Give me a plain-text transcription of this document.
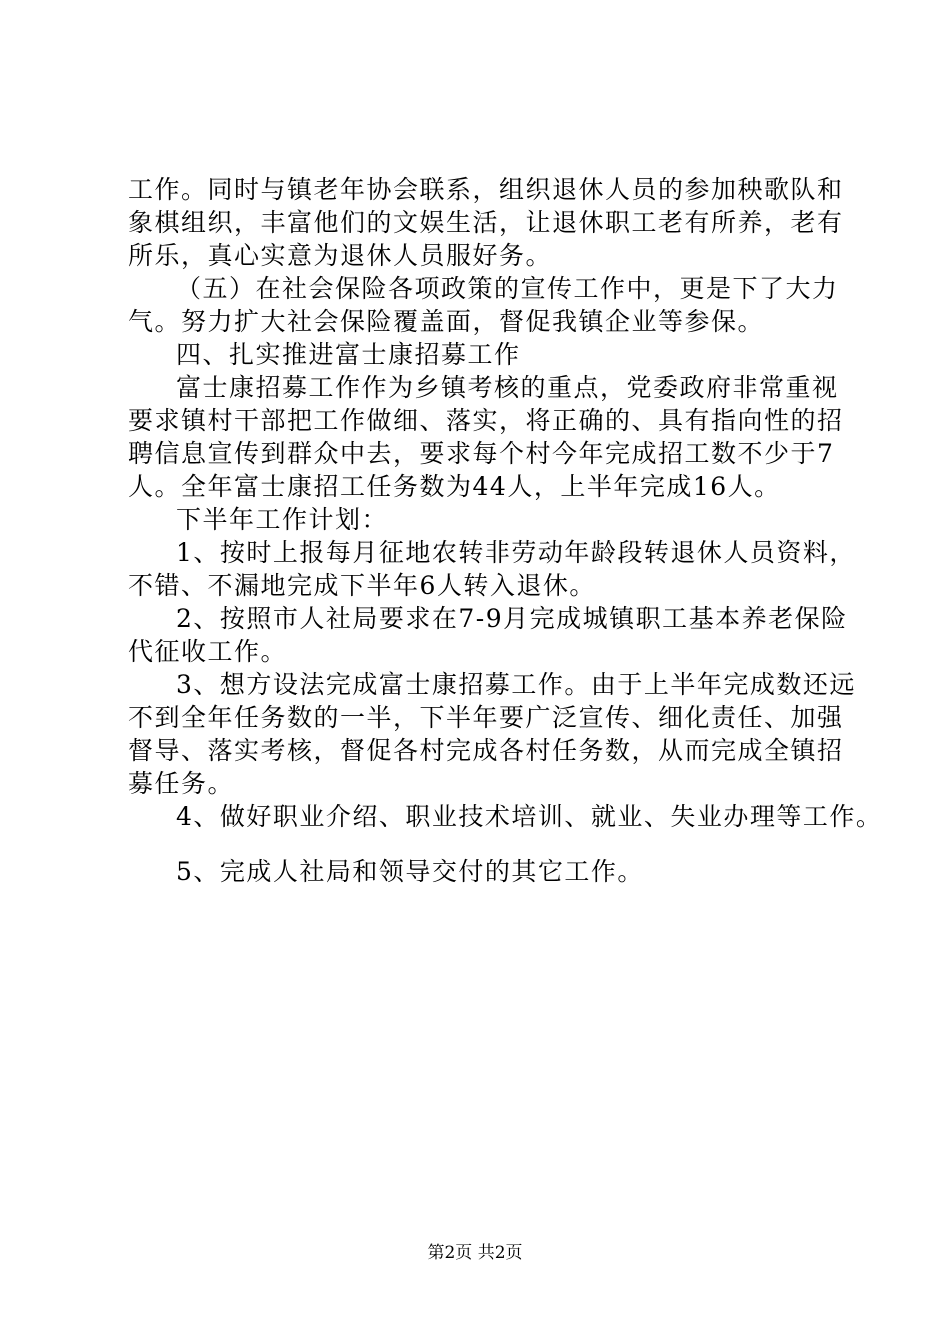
工作。同时与镇老年协会联系，组织退休人员的参加秧歌队和
象棋组织，丰富他们的文娱生活，让退休职工老有所养，老有
所乐，真心实意为退休人员服好务。
（五）在社会保险各项政策的宣传工作中，更是下了大力
气。努力扩大社会保险覆盖面，督促我镇企业等参保。
四、扎实推进富士康招募工作
富士康招募工作作为乡镇考核的重点，党委政府非常重视
要求镇村干部把工作做细、落实，将正确的、具有指向性的招
聘信息宣传到群众中去，要求每个村今年完成招工数不少于7
人。全年富士康招工任务数为44人，上半年完成16人。
下半年工作计划：
1、按时上报每月征地农转非劳动年龄段转退休人员资料，
不错、不漏地完成下半年6人转入退休。
2、按照市人社局要求在7-9月完成城镇职工基本养老保险
代征收工作。
3、想方设法完成富士康招募工作。由于上半年完成数还远
不到全年任务数的一半，下半年要广泛宣传、细化责任、加强
督导、落实考核，督促各村完成各村任务数，从而完成全镇招
募任务。
4、做好职业介绍、职业技术培训、就业、失业办理等工作。
5、完成人社局和领导交付的其它工作。
第2页 共2页
